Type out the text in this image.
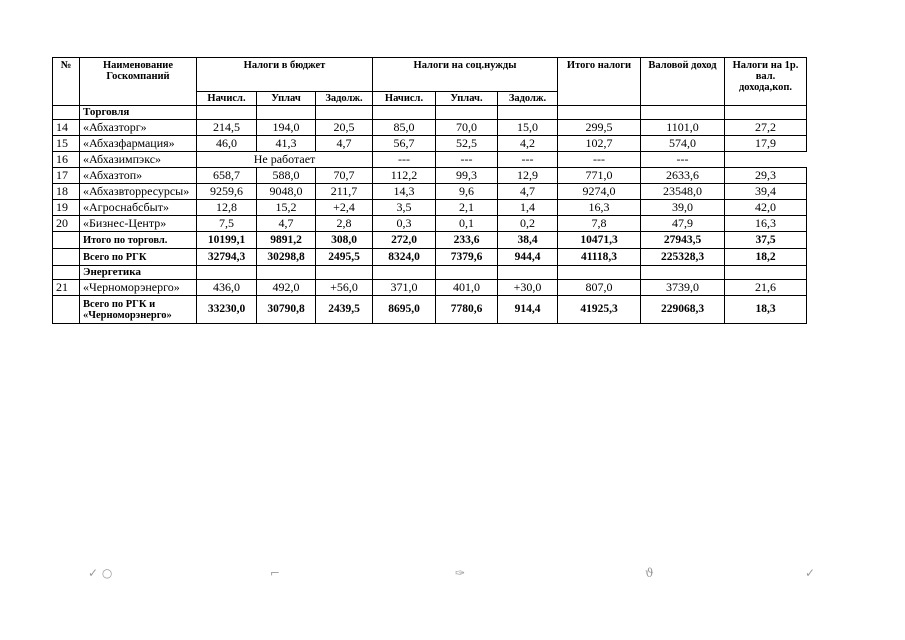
№	Наименование Госкомпаний	Налоги в бюджет			Налоги на соц.нужды			Итого налоги	Валовой доход	Налоги на 1р. вал. дохода,коп.
		Начисл.	Уплач	Задолж.	Начисл.	Уплач.	Задолж.			
	Торговля									
14	«Абхазторг»	214,5	194,0	20,5	85,0	70,0	15,0	299,5	1101,0	27,2
15	«Абхазфармация»	46,0	41,3	4,7	56,7	52,5	4,2	102,7	574,0	17,9
16	«Абхазимпэкс»	Не работает			---	---	---	---	---	
17	«Абхазтоп»	658,7	588,0	70,7	112,2	99,3	12,9	771,0	2633,6	29,3
18	«Абхазвторресурсы»	9259,6	9048,0	211,7	14,3	9,6	4,7	9274,0	23548,0	39,4
19	«Агроснабсбыт»	12,8	15,2	+2,4	3,5	2,1	1,4	16,3	39,0	42,0
20	«Бизнес-Центр»	7,5	4,7	2,8	0,3	0,1	0,2	7,8	47,9	16,3
	Итого по торговл.	10199,1	9891,2	308,0	272,0	233,6	38,4	10471,3	27943,5	37,5
	Всего по РГК	32794,3	30298,8	2495,5	8324,0	7379,6	944,4	41118,3	225328,3	18,2
	Энергетика									
21	«Черноморэнерго»	436,0	492,0	+56,0	371,0	401,0	+30,0	807,0	3739,0	21,6
	Всего по РГК и «Черноморэнерго»	33230,0	30790,8	2439,5	8695,0	7780,6	914,4	41925,3	229068,3	18,3
✓ ○	⌐	✑	ϑ	✓
